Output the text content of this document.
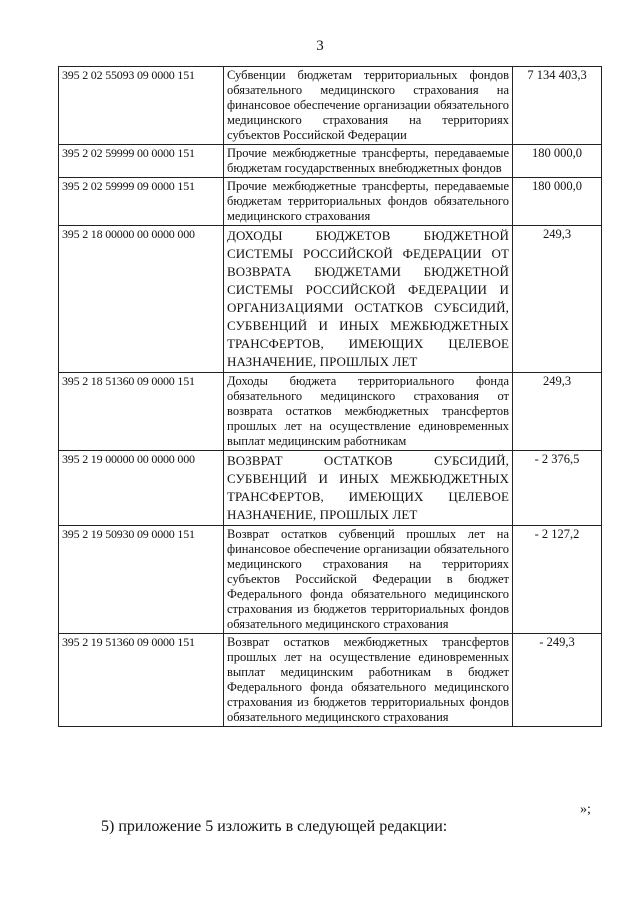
3
395 2 02 55093 09 0000 151	Субвенции бюджетам территориальных фондов обязательного медицинского страхования на финансовое обеспечение организации обязательного медицинского страхования на территориях субъектов Российской Федерации	7 134 403,3
395 2 02 59999 00 0000 151	Прочие межбюджетные трансферты, передаваемые бюджетам государственных внебюджетных фондов	180 000,0
395 2 02 59999 09 0000 151	Прочие межбюджетные трансферты, передаваемые бюджетам территориальных фондов обязательного медицинского страхования	180 000,0
395 2 18 00000 00 0000 000	ДОХОДЫ БЮДЖЕТОВ БЮДЖЕТНОЙ СИСТЕМЫ РОССИЙСКОЙ ФЕДЕРАЦИИ ОТ ВОЗВРАТА БЮДЖЕТАМИ БЮДЖЕТНОЙ СИСТЕМЫ РОССИЙСКОЙ ФЕДЕРАЦИИ И ОРГАНИЗАЦИЯМИ ОСТАТКОВ СУБСИДИЙ, СУБВЕНЦИЙ И ИНЫХ МЕЖБЮДЖЕТНЫХ ТРАНСФЕРТОВ, ИМЕЮЩИХ ЦЕЛЕВОЕ НАЗНАЧЕНИЕ, ПРОШЛЫХ ЛЕТ	249,3
395 2 18 51360 09 0000 151	Доходы бюджета территориального фонда обязательного медицинского страхования от возврата остатков межбюджетных трансфертов прошлых лет на осуществление единовременных выплат медицинским работникам	249,3
395 2 19 00000 00 0000 000	ВОЗВРАТ ОСТАТКОВ СУБСИДИЙ, СУБВЕНЦИЙ И ИНЫХ МЕЖБЮДЖЕТНЫХ ТРАНСФЕРТОВ, ИМЕЮЩИХ ЦЕЛЕВОЕ НАЗНАЧЕНИЕ, ПРОШЛЫХ ЛЕТ	- 2 376,5
395 2 19 50930 09 0000 151	Возврат остатков субвенций прошлых лет на финансовое обеспечение организации обязательного медицинского страхования на территориях субъектов Российской Федерации в бюджет Федерального фонда обязательного медицинского страхования из бюджетов территориальных фондов обязательного медицинского страхования	- 2 127,2
395 2 19 51360 09 0000 151	Возврат остатков межбюджетных трансфертов прошлых лет на осуществление единовременных выплат медицинским работникам в бюджет Федерального фонда обязательного медицинского страхования из бюджетов территориальных фондов обязательного медицинского страхования	- 249,3
»;
5) приложение 5 изложить в следующей редакции:
